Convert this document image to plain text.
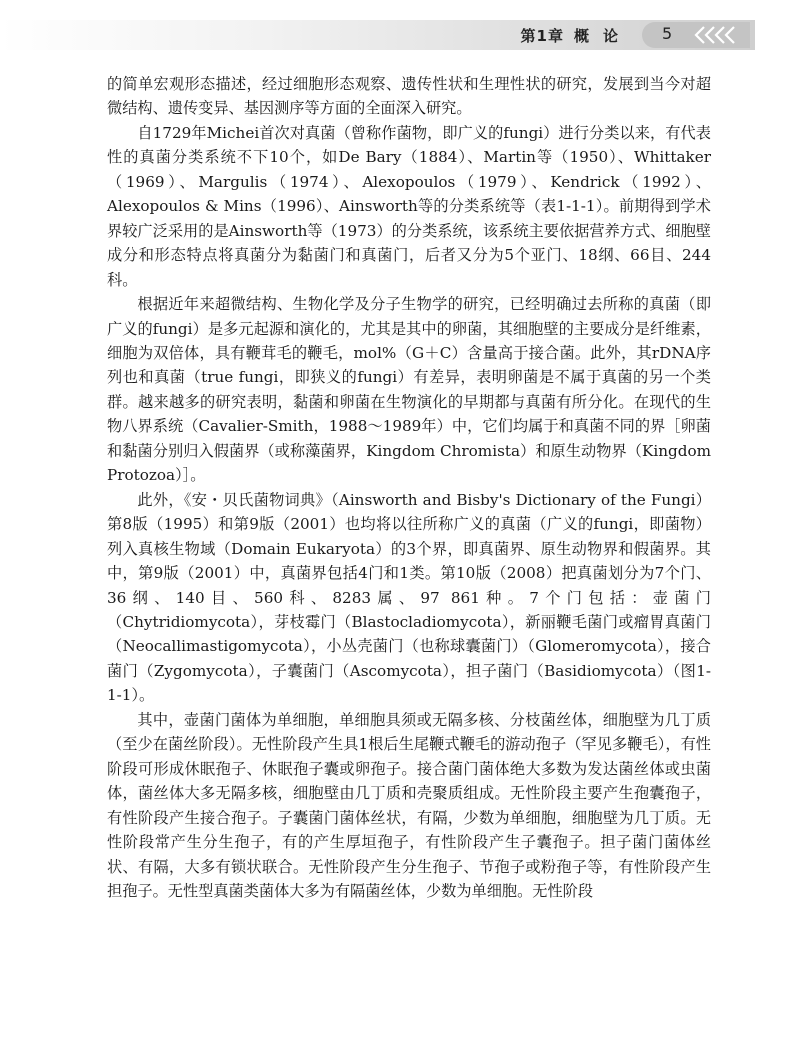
第1章 概论 5

的简单宏观形态描述，经过细胞形态观察、遗传性状和生理性状的研究，发展到当今对超微结构、遗传变异、基因测序等方面的全面深入研究。

自1729年Michei首次对真菌（曾称作菌物，即广义的fungi）进行分类以来，有代表性的真菌分类系统不下10个，如De Bary（1884）、Martin等（1950）、Whittaker（1969）、Margulis（1974）、Alexopoulos（1979）、Kendrick（1992）、Alexopoulos & Mins（1996）、Ainsworth等的分类系统等（表1-1-1）。前期得到学术界较广泛采用的是Ainsworth等（1973）的分类系统，该系统主要依据营养方式、细胞壁成分和形态特点将真菌分为黏菌门和真菌门，后者又分为5个亚门、18纲、66目、244科。

根据近年来超微结构、生物化学及分子生物学的研究，已经明确过去所称的真菌（即广义的fungi）是多元起源和演化的，尤其是其中的卵菌，其细胞壁的主要成分是纤维素，细胞为双倍体，具有鞭茸毛的鞭毛，mol%（G＋C）含量高于接合菌。此外，其rDNA序列也和真菌（true fungi，即狭义的fungi）有差异，表明卵菌是不属于真菌的另一个类群。越来越多的研究表明，黏菌和卵菌在生物演化的早期都与真菌有所分化。在现代的生物八界系统（Cavalier-Smith，1988～1989年）中，它们均属于和真菌不同的界［卵菌和黏菌分别归入假菌界（或称藻菌界，Kingdom Chromista）和原生动物界（Kingdom Protozoa）］。

此外，《安・贝氏菌物词典》（Ainsworth and Bisby's Dictionary of the Fungi）第8版（1995）和第9版（2001）也均将以往所称广义的真菌（广义的fungi，即菌物）列入真核生物域（Domain Eukaryota）的3个界，即真菌界、原生动物界和假菌界。其中，第9版（2001）中，真菌界包括4门和1类。第10版（2008）把真菌划分为7个门、36纲、140目、560科、8283属、97 861种。7个门包括：壶菌门（Chytridiomycota），芽枝霉门（Blastocladiomycota），新丽鞭毛菌门或瘤胃真菌门（Neocallimastigomycota），小丛壳菌门（也称球囊菌门）（Glomeromycota），接合菌门（Zygomycota），子囊菌门（Ascomycota），担子菌门（Basidiomycota）（图1-1-1）。

其中，壶菌门菌体为单细胞，单细胞具须或无隔多核、分枝菌丝体，细胞壁为几丁质（至少在菌丝阶段）。无性阶段产生具1根后生尾鞭式鞭毛的游动孢子（罕见多鞭毛），有性阶段可形成休眠孢子、休眠孢子囊或卵孢子。接合菌门菌体绝大多数为发达菌丝体或虫菌体，菌丝体大多无隔多核，细胞壁由几丁质和壳聚质组成。无性阶段主要产生孢囊孢子，有性阶段产生接合孢子。子囊菌门菌体丝状，有隔，少数为单细胞，细胞壁为几丁质。无性阶段常产生分生孢子，有的产生厚垣孢子，有性阶段产生子囊孢子。担子菌门菌体丝状、有隔，大多有锁状联合。无性阶段产生分生孢子、节孢子或粉孢子等，有性阶段产生担孢子。无性型真菌类菌体大多为有隔菌丝体，少数为单细胞。无性阶段
